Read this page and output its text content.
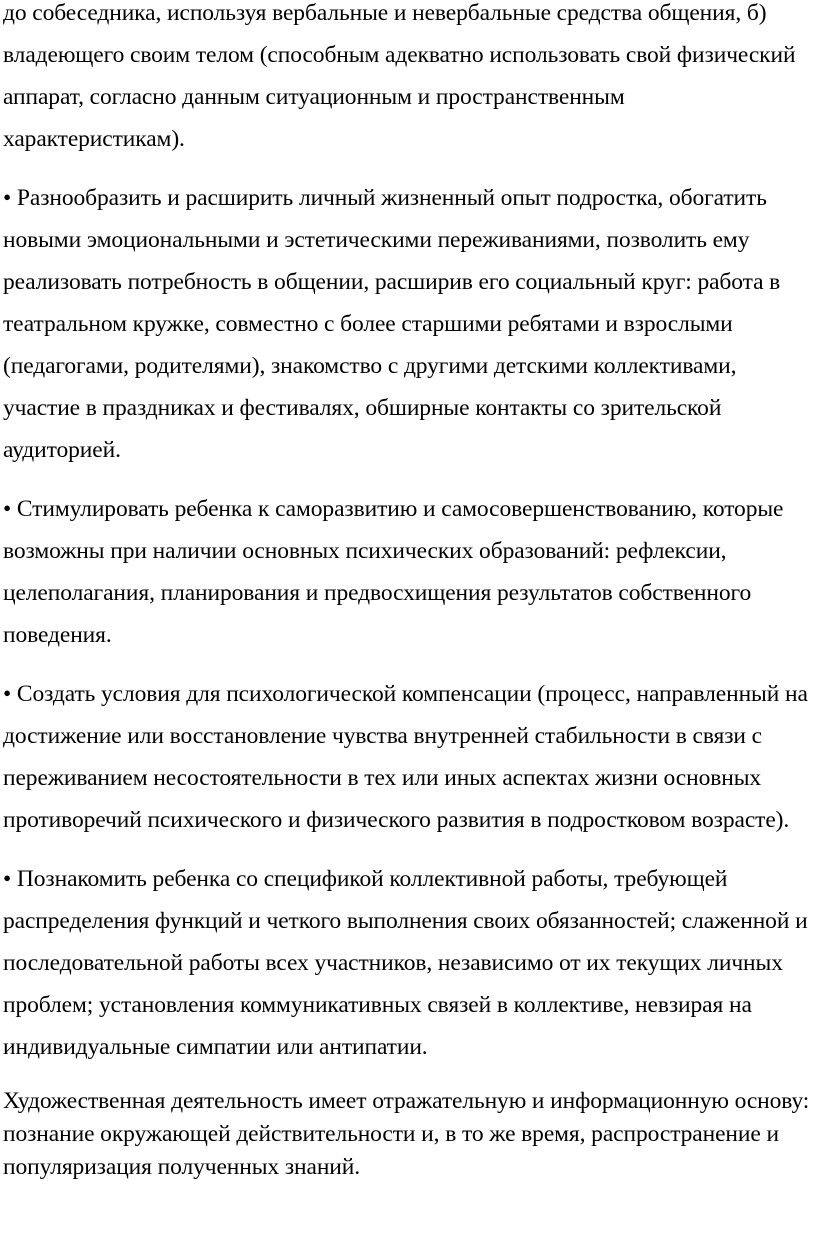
до собеседника, используя вербальные и невербальные средства общения, б) владеющего своим телом (способным адекватно использовать свой физический аппарат, согласно данным ситуационным и пространственным характеристикам).

• Разнообразить и расширить личный жизненный опыт подростка, обогатить новыми эмоциональными и эстетическими переживаниями, позволить ему реализовать потребность в общении, расширив его социальный круг: работа в театральном кружке, совместно с более старшими ребятами и взрослыми (педагогами, родителями), знакомство с другими детскими коллективами, участие в праздниках и фестивалях, обширные контакты со зрительской аудиторией.

• Стимулировать ребенка к саморазвитию и самосовершенствованию, которые возможны при наличии основных психических образований: рефлексии, целеполагания, планирования и предвосхищения результатов собственного поведения.

• Создать условия для психологической компенсации (процесс, направленный на достижение или восстановление чувства внутренней стабильности в связи с переживанием несостоятельности в тех или иных аспектах жизни основных противоречий психического и физического развития в подростковом возрасте).

• Познакомить ребенка со спецификой коллективной работы, требующей распределения функций и четкого выполнения своих обязанностей; слаженной и последовательной работы всех участников, независимо от их текущих личных проблем; установления коммуникативных связей в коллективе, невзирая на индивидуальные симпатии или антипатии.

Художественная деятельность имеет отражательную и информационную основу: познание окружающей действительности и, в то же время, распространение и популяризация полученных знаний.
